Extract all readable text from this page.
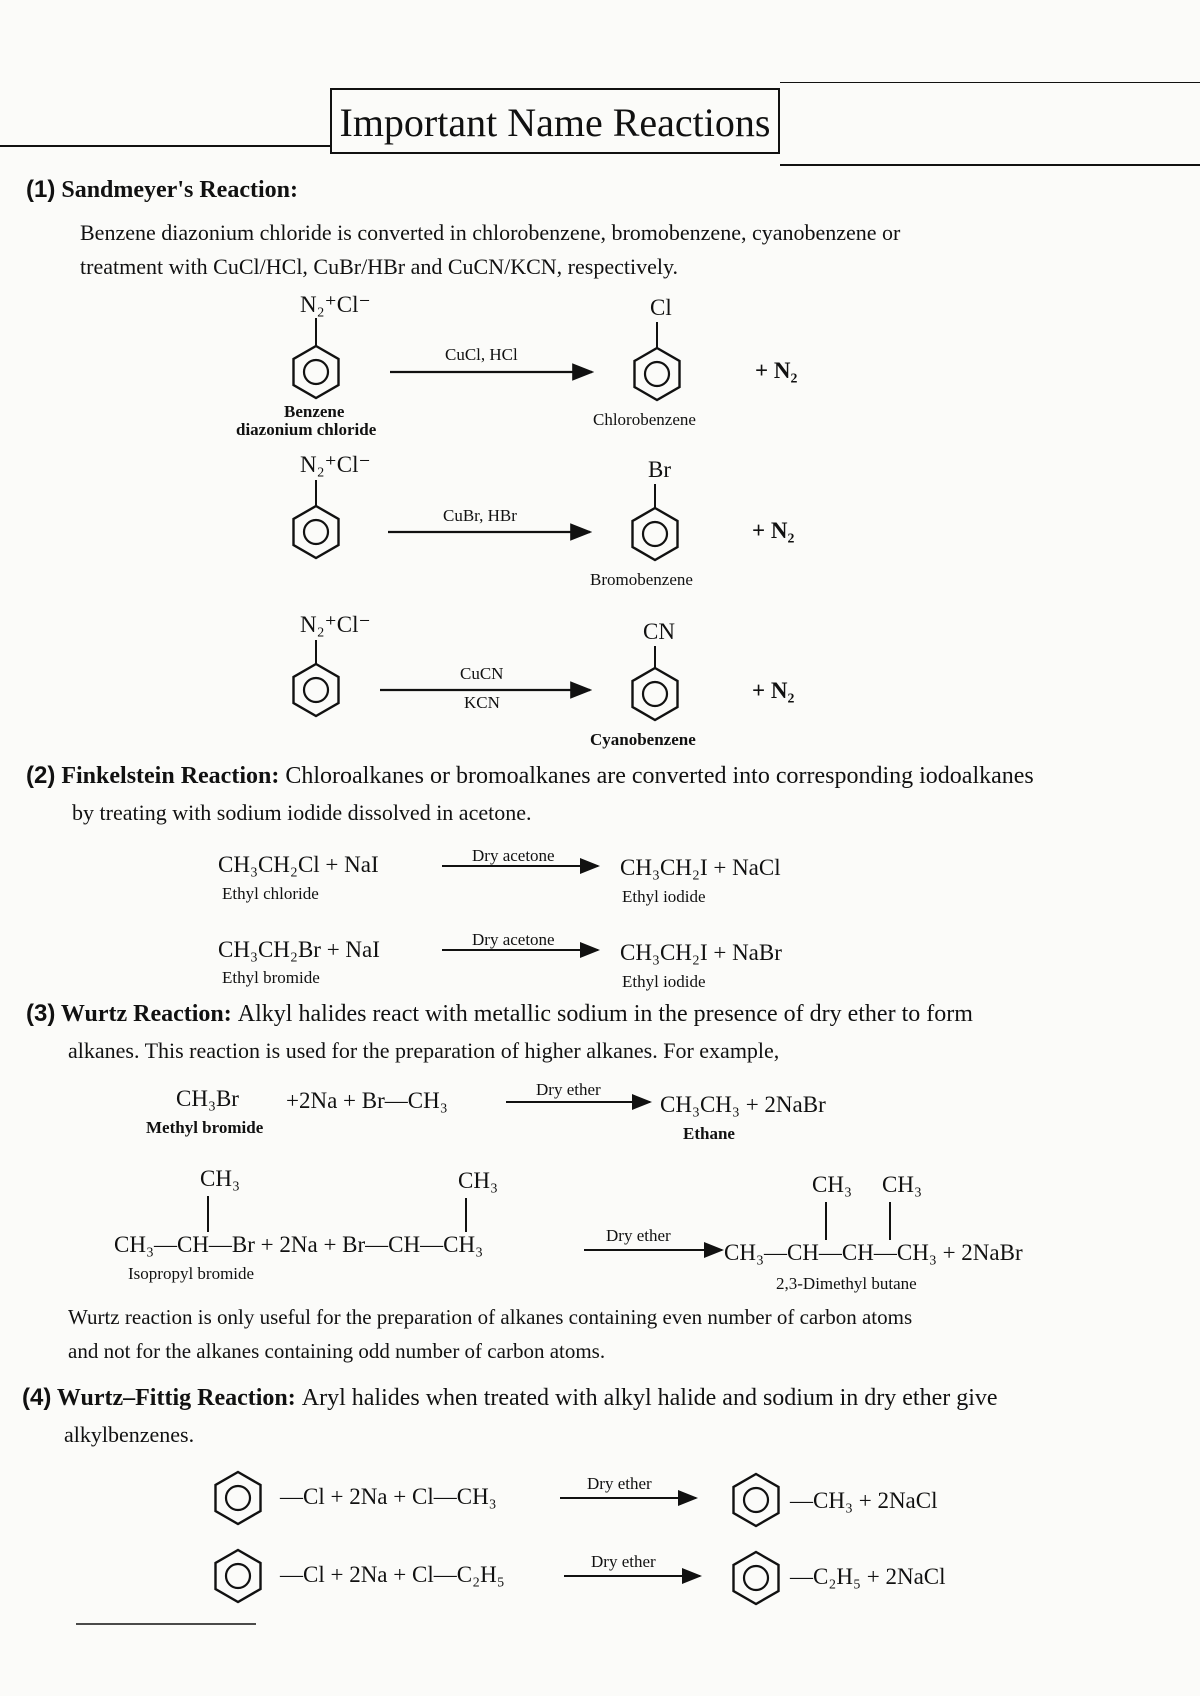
Important Name Reactions
(1) Sandmeyer's Reaction:
Benzene diazonium chloride is converted in chlorobenzene, bromobenzene, cyanobenzene or
treatment with CuCl/HCl, CuBr/HBr and CuCN/KCN, respectively.
N₂⁺Cl⁻
N₂⁺Cl⁻
N₂⁺Cl⁻
Benzene
diazonium chloride
CuCl, HCl
CuBr, HBr
CuCN
KCN
Cl
Br
CN
Chlorobenzene
Bromobenzene
Cyanobenzene
+ N₂
+ N₂
+ N₂
(2) Finkelstein Reaction: Chloroalkanes or bromoalkanes are converted into corresponding iodoalkanes
by treating with sodium iodide dissolved in acetone.
CH₃CH₂Cl + NaI
Ethyl chloride
Dry acetone	CH₃CH₂I + NaCl
Ethyl iodide
CH₃CH₂Br + NaI
Ethyl bromide
Dry acetone
CH₃CH₂I + NaBr
Ethyl iodide
(3) Wurtz Reaction: Alkyl halides react with metallic sodium in the presence of dry ether to form
alkanes. This reaction is used for the preparation of higher alkanes. For example,
CH₃Br
Methyl bromide
+2Na + Br—CH₃	Dry ether
CH₃CH₃ + 2NaBr
Ethane
CH₃	CH₃	CH₃ CH₃
CH₃—CH—Br + 2Na + Br—CH—CH₃
Isopropyl bromide
Dry ether
CH₃—CH—CH—CH₃ + 2NaBr
2,3-Dimethyl butane
Wurtz reaction is only useful for the preparation of alkanes containing even number of carbon atoms
and not for the alkanes containing odd number of carbon atoms.
(4) Wurtz–Fittig Reaction: Aryl halides when treated with alkyl halide and sodium in dry ether give
alkylbenzenes.
—Cl + 2Na + Cl—CH₃
Dry ether
—CH₃ + 2NaCl
—Cl + 2Na + Cl—C₂H₅
Dry ether
—C₂H₅ + 2NaCl
